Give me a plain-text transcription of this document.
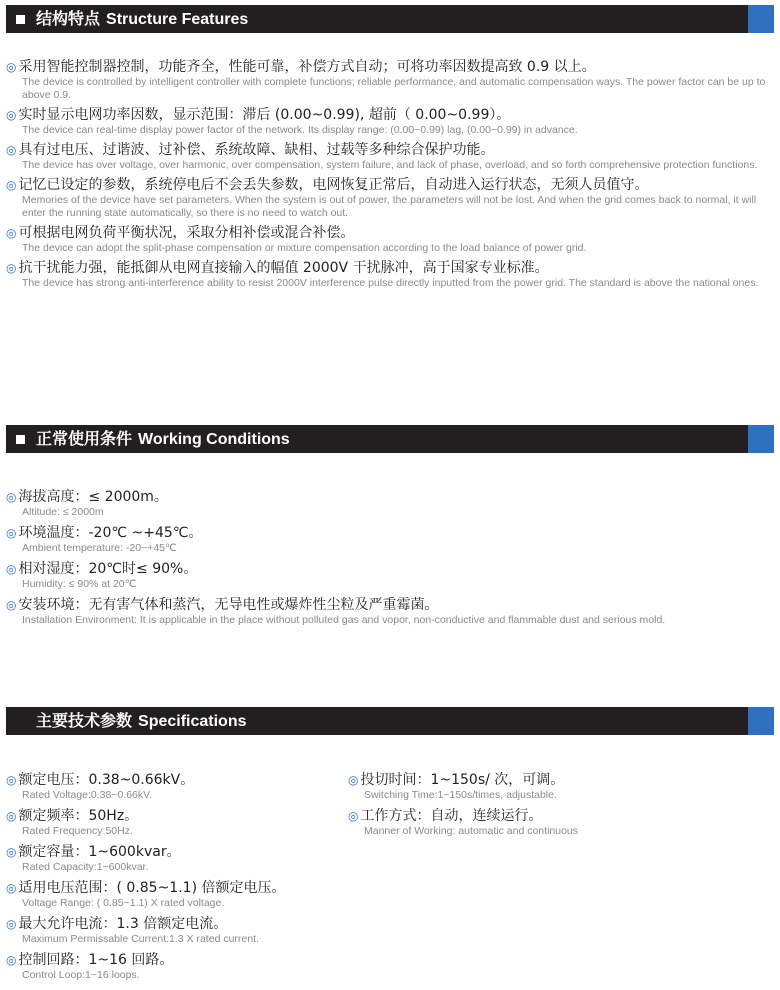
结构特点 Structure Features
◎ 采用智能控制器控制，功能齐全，性能可靠，补偿方式自动；可将功率因数提高致 0.9 以上。
The device is controlled by intelligent controller with complete functions; reliable performance, and automatic compensation ways. The power factor can be up to above 0.9.
◎ 实时显示电网功率因数，显示范围：滞后 (0.00~0.99), 超前（ 0.00~0.99）。
The device can real-time display power factor of the network. Its display range: (0.00~0.99) lag, (0.00~0.99) in advance.
◎ 具有过电压、过谐波、过补偿、系统故障、缺相、过载等多种综合保护功能。
The device has over voltage, over harmonic, over compensation, system failure, and lack of phase, overload, and so forth comprehensive protection functions.
◎ 记忆已设定的参数，系统停电后不会丢失参数，电网恢复正常后，自动进入运行状态，无须人员值守。
Memories of the device have set parameters. When the system is out of power, the parameters will not be lost. And when the grid comes back to normal, it will enter the running state automatically, so there is no need to watch out.
◎ 可根据电网负荷平衡状况，采取分相补偿或混合补偿。
The device can adopt the split-phase compensation or mixture compensation according to the load balance of power grid.
◎ 抗干扰能力强，能抵御从电网直接输入的幅值 2000V 干扰脉冲，高于国家专业标准。
The device has strong anti-interference ability to resist 2000V interference pulse directly inputted from the power grid. The standard is above the national ones.
正常使用条件 Working Conditions
◎ 海拔高度：≤ 2000m。
Altitude: ≤ 2000m
◎ 环境温度：-20℃ ~+45℃。
Ambient temperature: -20~+45℃
◎ 相对湿度：20℃时≤ 90%。
Humidity: ≤ 90% at 20℃
◎ 安装环境：无有害气体和蒸汽，无导电性或爆炸性尘粒及严重霉菌。
Installation Environment: It is applicable in the place without polluted gas and vopor, non-conductive and flammable dust and serious mold.
主要技术参数 Specifications
◎ 额定电压：0.38~0.66kV。
Rated Voltage:0.38~0.66kV.
◎ 额定频率：50Hz。
Rated Frequency:50Hz.
◎ 额定容量：1~600kvar。
Rated Capacity:1~600kvar.
◎ 适用电压范围：( 0.85~1.1) 倍额定电压。
Voltage Range: ( 0.85~1.1) X rated voltage.
◎ 最大允许电流：1.3 倍额定电流。
Maximum Permissable Current:1.3 X rated current.
◎ 控制回路：1~16 回路。
Control Loop:1~16 loops.
◎ 投切时间：1~150s/ 次，可调。
Switching Time:1~150s/times, adjustable.
◎ 工作方式：自动，连续运行。
Manner of Working: automatic and continuous
